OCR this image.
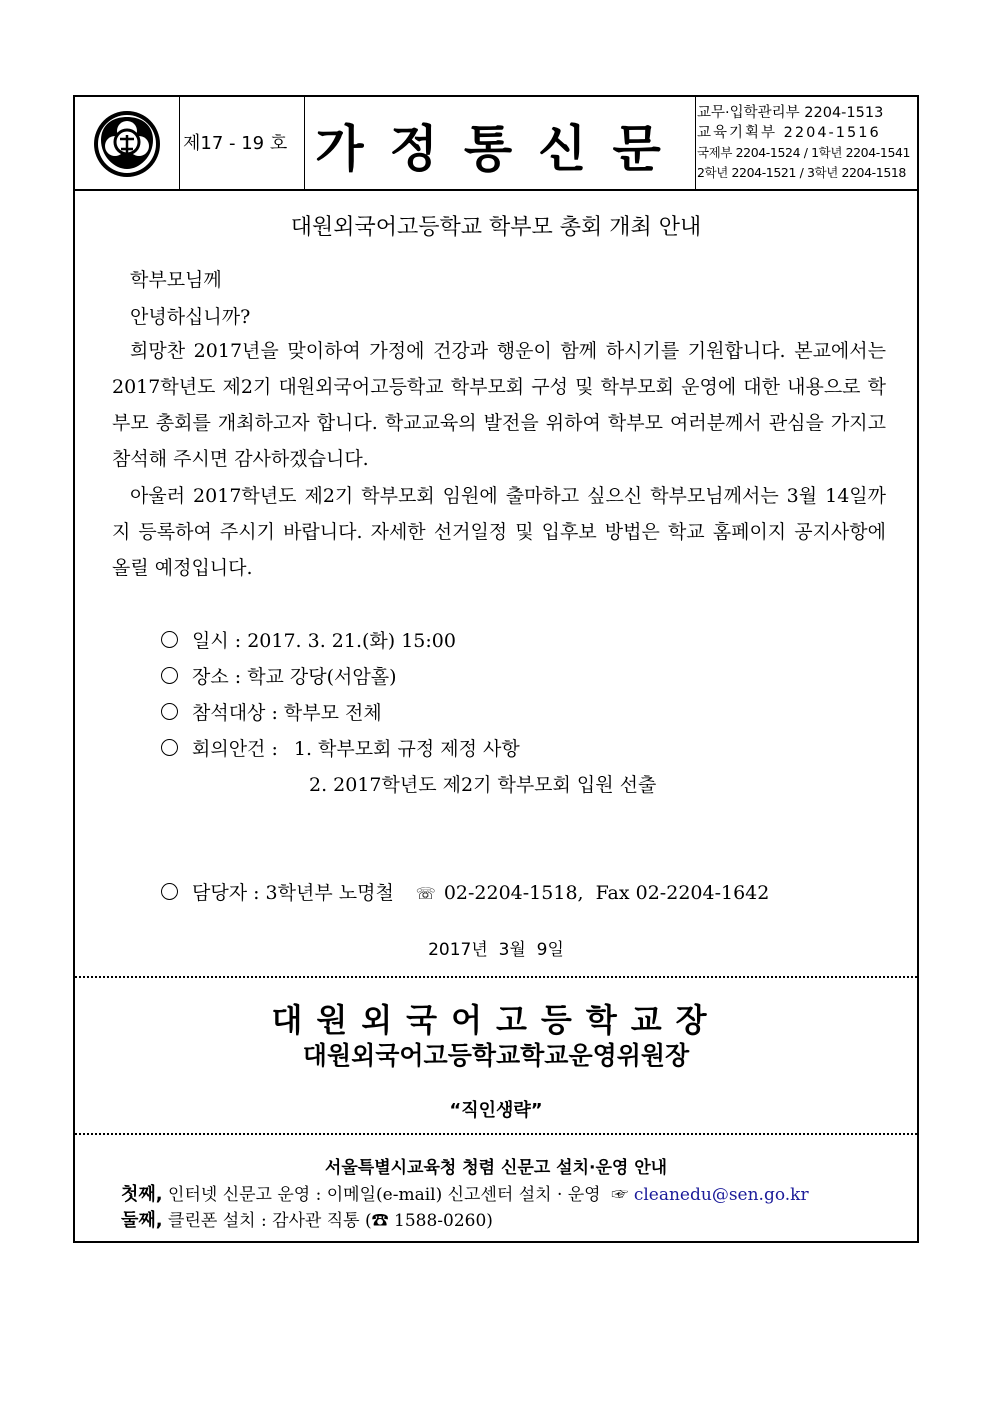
제17 - 19 호 가정통신문
교무·입학관리부 2204-1513
교육기획부 2204-1516
국제부 2204-1524 / 1학년 2204-1541
2학년 2204-1521 / 3학년 2204-1518
대원외국어고등학교 학부모 총회 개최 안내
학부모님께
안녕하십니까?

희망찬 2017년을 맞이하여 가정에 건강과 행운이 함께 하시기를 기원합니다. 본교에서는 2017학년도 제2기 대원외국어고등학교 학부모회 구성 및 학부모회 운영에 대한 내용으로 학부모 총회를 개최하고자 합니다. 학교교육의 발전을 위하여 학부모 여러분께서 관심을 가지고 참석해 주시면 감사하겠습니다.

아울러 2017학년도 제2기 학부모회 임원에 출마하고 싶으신 학부모님께서는 3월 14일까지 등록하여 주시기 바랍니다. 자세한 선거일정 및 입후보 방법은 학교 홈페이지 공지사항에 올릴 예정입니다.

일시 : 2017. 3. 21.(화) 15:00
장소 : 학교 강당(서암홀)
참석대상 : 학부모 전체
회의안건 : 1. 학부모회 규정 제정 사항
2. 2017학년도 제2기 학부모회 입원 선출
담당자 : 3학년부 노명철 ☏ 02-2204-1518,  Fax 02-2204-1642
2017년  3월  9일
대원외국어고등학교장
대원외국어고등학교학교운영위원장
“직인생략”
서울특별시교육청 청렴 신문고 설치·운영 안내
첫째, 인터넷 신문고 운영 : 이메일(e-mail) 신고센터 설치 · 운영  ☞ cleanedu@sen.go.kr
둘째, 클린폰 설치 : 감사관 직통 (☎ 1588-0260)
